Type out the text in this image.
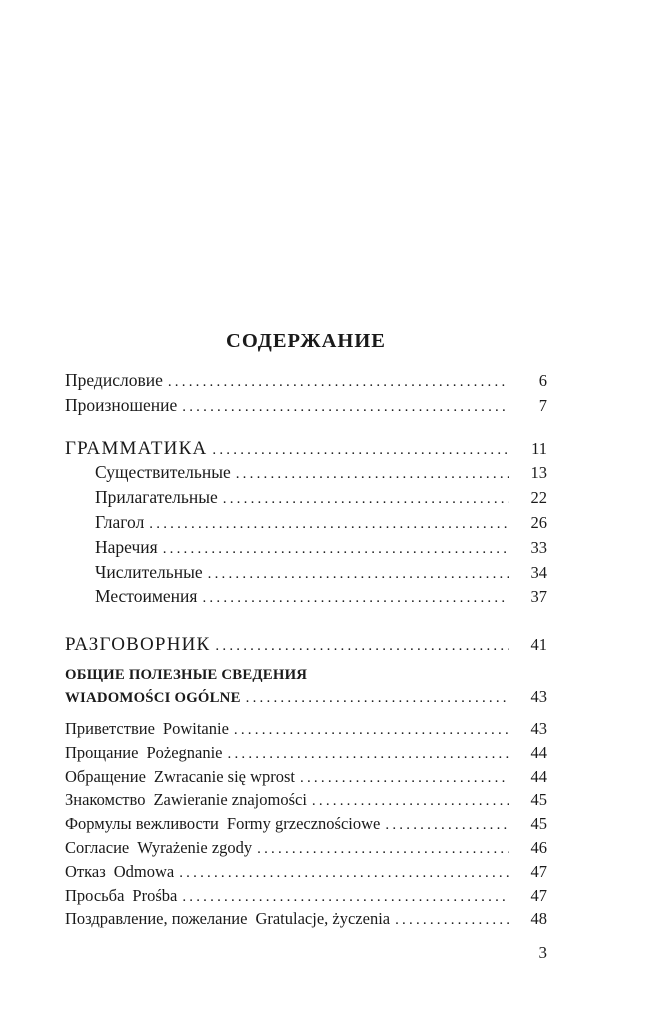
СОДЕРЖАНИЕ
Предисловие .....	6
Произношение .....	7
ГРАММАТИКА .....	11
Существительные .....	13
Прилагательные .....	22
Глагол .....	26
Наречия .....	33
Числительные .....	34
Местоимения .....	37
РАЗГОВОРНИК .....	41
ОБЩИЕ ПОЛЕЗНЫЕ СВЕДЕНИЯ
WIADOMOŚCI OGÓLNE .....	43
Приветствие Powitanie .....	43
Прощание Pożegnanie .....	44
Обращение Zwracanie się wprost .....	44
Знакомство Zawieranie znajomości .....	45
Формулы вежливости Formy grzecznościowe .....	45
Согласие Wyrażenie zgody .....	46
Отказ Odmowa .....	47
Просьба Prośba .....	47
Поздравление, пожелание Gratulacje, życzenia .....	48
3
